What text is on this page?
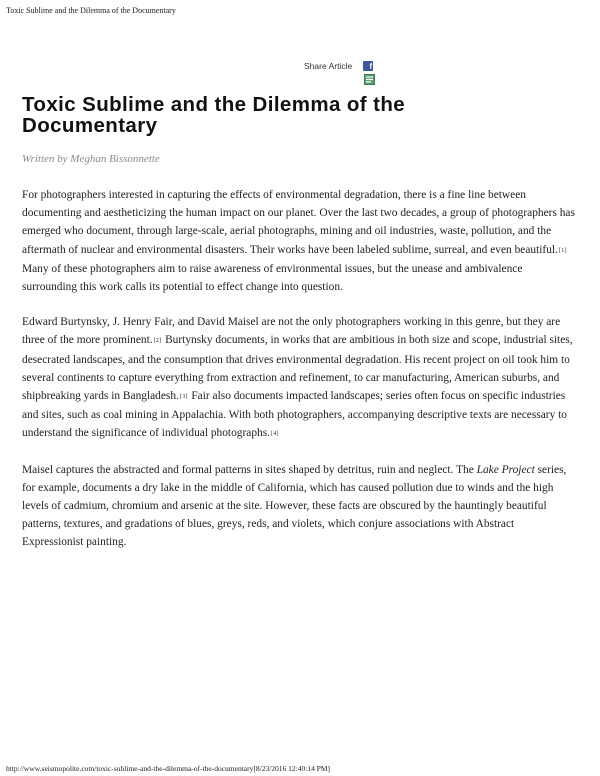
Toxic Sublime and the Dilemma of the Documentary
Share Article	f
Toxic Sublime and the Dilemma of the Documentary

Written by Meghan Bissonnette

For photographers interested in capturing the effects of environmental degradation, there is a fine line between documenting and aestheticizing the human impact on our planet. Over the last two decades, a group of photographers has emerged who document, through large-scale, aerial photographs, mining and oil industries, waste, pollution, and the aftermath of nuclear and environmental disasters. Their works have been labeled sublime, surreal, and even beautiful.[1] Many of these photographers aim to raise awareness of environmental issues, but the unease and ambivalence surrounding this work calls its potential to effect change into question.

Edward Burtynsky, J. Henry Fair, and David Maisel are not the only photographers working in this genre, but they are three of the more prominent.[2] Burtynsky documents, in works that are ambitious in both size and scope, industrial sites, desecrated landscapes, and the consumption that drives environmental degradation. His recent project on oil took him to several continents to capture everything from extraction and refinement, to car manufacturing, American suburbs, and shipbreaking yards in Bangladesh.[3] Fair also documents impacted landscapes; series often focus on specific industries and sites, such as coal mining in Appalachia. With both photographers, accompanying descriptive texts are necessary to understand the significance of individual photographs.[4]

Maisel captures the abstracted and formal patterns in sites shaped by detritus, ruin and neglect. The Lake Project series, for example, documents a dry lake in the middle of California, which has caused pollution due to winds and the high levels of cadmium, chromium and arsenic at the site. However, these facts are obscured by the hauntingly beautiful patterns, textures, and gradations of blues, greys, reds, and violets, which conjure associations with Abstract Expressionist painting.

http://www.seismopolite.com/toxic-sublime-and-the-dilemma-of-the-documentary[8/23/2016 12:40:14 PM]
